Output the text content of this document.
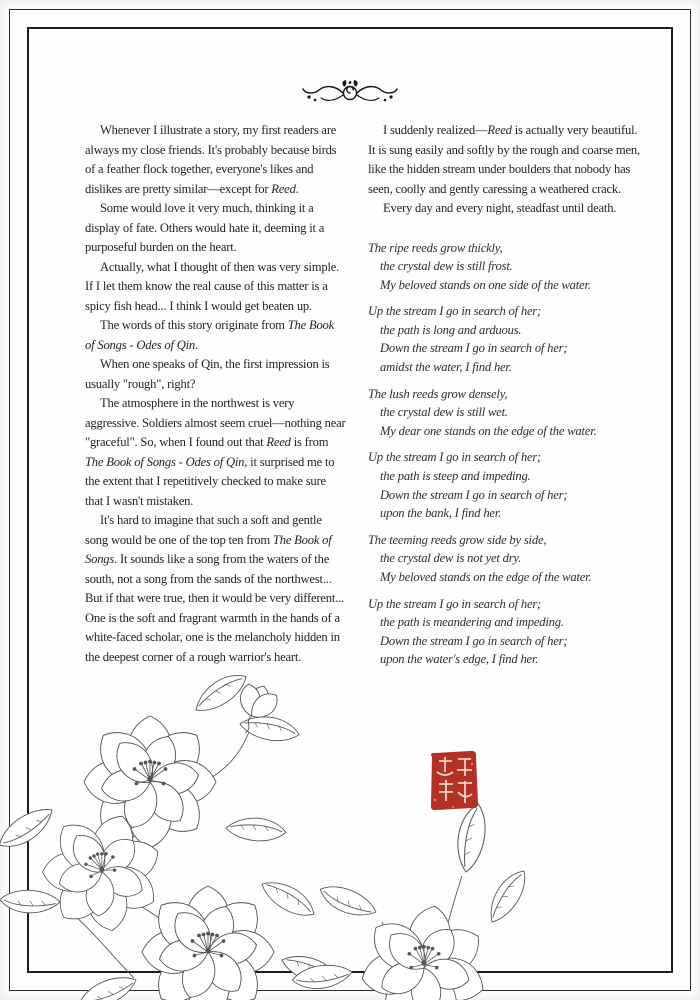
Whenever I illustrate a story, my first readers are always my close friends. It's probably because birds of a feather flock together, everyone's likes and dislikes are pretty similar—except for Reed.

Some would love it very much, thinking it a display of fate. Others would hate it, deeming it a purposeful burden on the heart.

Actually, what I thought of then was very simple. If I let them know the real cause of this matter is a spicy fish head... I think I would get beaten up.

The words of this story originate from The Book of Songs - Odes of Qin.

When one speaks of Qin, the first impression is usually "rough", right?

The atmosphere in the northwest is very aggressive. Soldiers almost seem cruel—nothing near "graceful". So, when I found out that Reed is from The Book of Songs - Odes of Qin, it surprised me to the extent that I repetitively checked to make sure that I wasn't mistaken.

It's hard to imagine that such a soft and gentle song would be one of the top ten from The Book of Songs. It sounds like a song from the waters of the south, not a song from the sands of the northwest... But if that were true, then it would be very different... One is the soft and fragrant warmth in the hands of a white-faced scholar, one is the melancholy hidden in the deepest corner of a rough warrior's heart.

I suddenly realized—Reed is actually very beautiful. It is sung easily and softly by the rough and coarse men, like the hidden stream under boulders that nobody has seen, coolly and gently caressing a weathered crack.

Every day and every night, steadfast until death.

The ripe reeds grow thickly,
the crystal dew is still frost.
My beloved stands on one side of the water.
Up the stream I go in search of her;
the path is long and arduous.
Down the stream I go in search of her;
amidst the water, I find her.
The lush reeds grow densely,
the crystal dew is still wet.
My dear one stands on the edge of the water.
Up the stream I go in search of her;
the path is steep and impeding.
Down the stream I go in search of her;
upon the bank, I find her.
The teeming reeds grow side by side,
the crystal dew is not yet dry.
My beloved stands on the edge of the water.
Up the stream I go in search of her;
the path is meandering and impeding.
Down the stream I go in search of her;
upon the water's edge, I find her.
